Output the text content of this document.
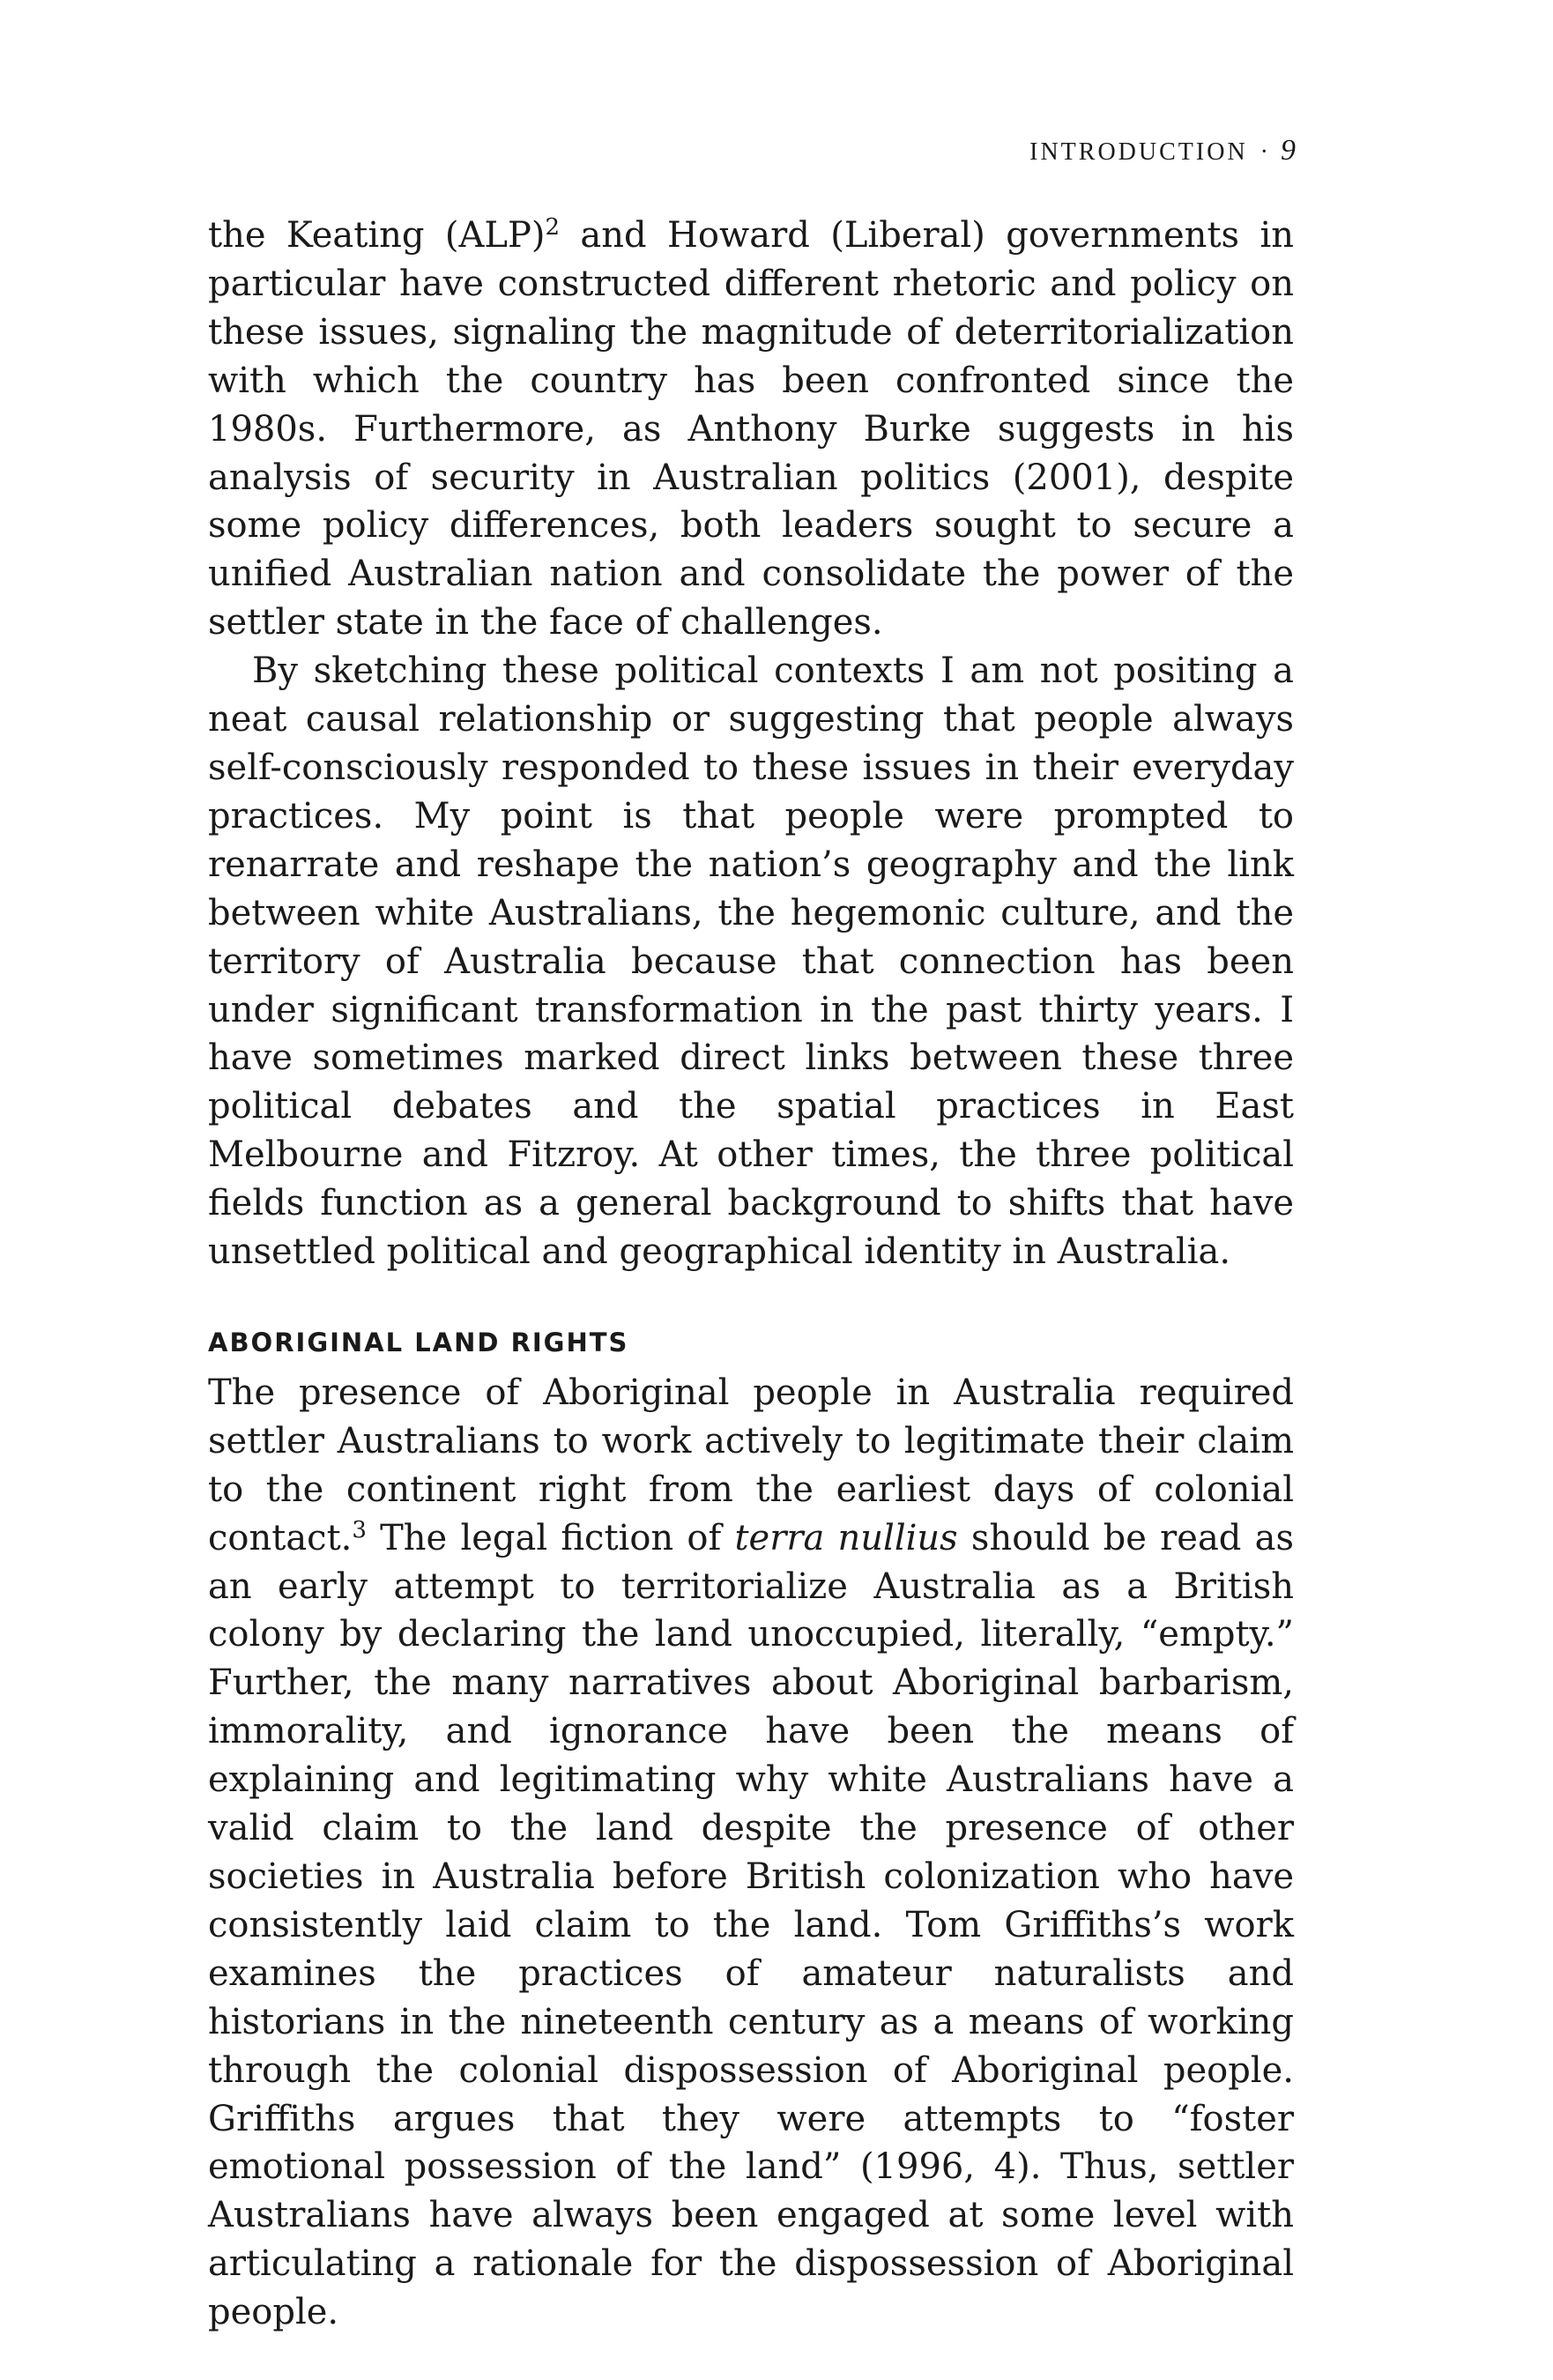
INTRODUCTION · 9

the Keating (ALP)$^2$ and Howard (Liberal) governments in particular have constructed different rhetoric and policy on these issues, signaling the magnitude of deterritorialization with which the country has been confronted since the 1980s. Furthermore, as Anthony Burke suggests in his analysis of security in Australian politics (2001), despite some policy differences, both leaders sought to secure a unified Australian nation and consolidate the power of the settler state in the face of challenges.

By sketching these political contexts I am not positing a neat causal relationship or suggesting that people always self-consciously responded to these issues in their everyday practices. My point is that people were prompted to renarrate and reshape the nation’s geography and the link between white Australians, the hegemonic culture, and the territory of Australia because that connection has been under significant transformation in the past thirty years. I have sometimes marked direct links between these three political debates and the spatial practices in East Melbourne and Fitzroy. At other times, the three political fields function as a general background to shifts that have unsettled political and geographical identity in Australia.

ABORIGINAL LAND RIGHTS

The presence of Aboriginal people in Australia required settler Australians to work actively to legitimate their claim to the continent right from the earliest days of colonial contact.$^3$ The legal fiction of terra nullius should be read as an early attempt to territorialize Australia as a British colony by declaring the land unoccupied, literally, “empty.” Further, the many narratives about Aboriginal barbarism, immorality, and ignorance have been the means of explaining and legitimating why white Australians have a valid claim to the land despite the presence of other societies in Australia before British colonization who have consistently laid claim to the land. Tom Griffiths’s work examines the practices of amateur naturalists and historians in the nineteenth century as a means of working through the colonial dispossession of Aboriginal people. Griffiths argues that they were attempts to “foster emotional possession of the land” (1996, 4). Thus, settler Australians have always been engaged at some level with articulating a rationale for the dispossession of Aboriginal people.
